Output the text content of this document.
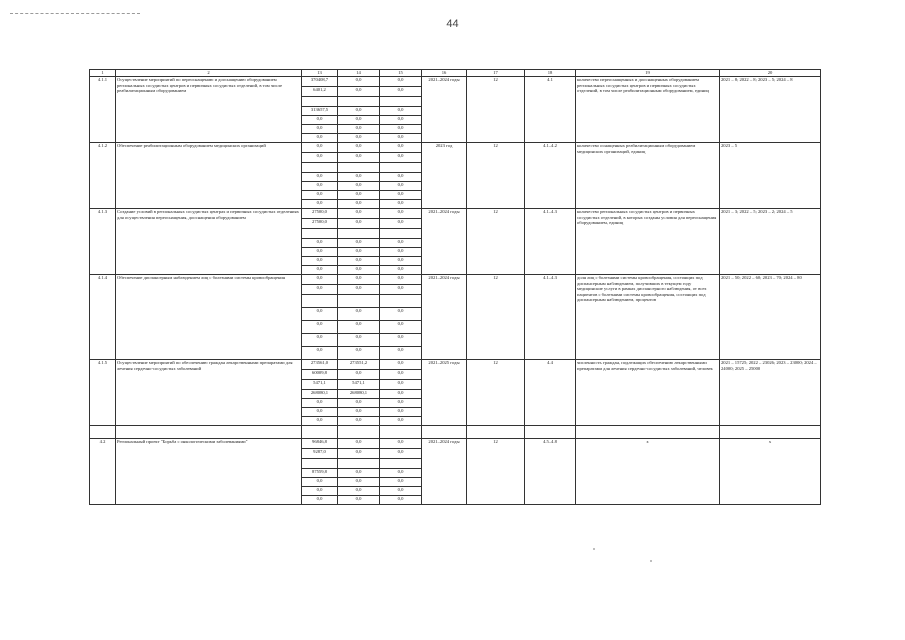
44
1	2	13	14	15	16	17	18	19	20
4.1.1	Осуществление мероприятий по переоснащению и дооснащению оборудованием региональных сосудистых центров и первичных сосудистых отделений, в том числе реабилитационным оборудованием	370408,7	0,0	0,0	2021–2024 годы	12	4.1	количество переоснащенных и дооснащенных оборудованием региональных сосудистых центров и первичных сосудистых отделений, в том числе реабилитационным оборудованием, единиц	2021 – 8; 2022 – 8; 2023 – 5; 2024 – 8
		6401,2	0,0	0,0					

		313657,5	0,0	0,0					
		0,0	0,0	0,0					
		0,0	0,0	0,0					
		0,0	0,0	0,0					
4.1.2	Обеспечение реабилитационным оборудованием медицинских организаций	0,0	0,0	0,0	2023 год	12	4.1–4.2	количество оснащенных реабилитационным оборудованием медицинских организаций, единиц	2023 – 5
		0,0	0,0	0,0					

		0,0	0,0	0,0					
		0,0	0,0	0,0					
		0,0	0,0	0,0					
		0,0	0,0	0,0					
4.1.3	Создание условий в региональных сосудистых центрах и первичных сосудистых отделениях для осуществления переоснащения, дооснащения оборудованием	27500,0	0,0	0,0	2021–2024 годы	12	4.1–4.3	количество региональных сосудистых центров и первичных сосудистых отделений, в которых созданы условия для переоснащения оборудованием, единиц	2021 – 3; 2022 – 5; 2023 – 2; 2024 – 5
		27500,0	0,0	0,0					

		0,0	0,0	0,0					
		0,0	0,0	0,0					
		0,0	0,0	0,0					
		0,0	0,0	0,0					
4.1.4	Обеспечение диспансерным наблюдением лиц с болезнями системы кровообращения	0,0	0,0	0,0	2021–2024 годы	12	4.1–4.3	доля лиц с болезнями системы кровообращения, состоящих под диспансерным наблюдением, получивших в текущем году медицинские услуги в рамках диспансерного наблюдения, от всех пациентов с болезнями системы кровообращения, состоящих под диспансерным наблюдением, процентов	2021 – 50; 2022 – 60; 2023 – 70; 2024 – 80
		0,0	0,0	0,0					

		0,0	0,0	0,0					
		0,0	0,0	0,0					
		0,0	0,0	0,0					
		0,0	0,0	0,0					
4.1.5	Осуществление мероприятий по обеспечению граждан лекарственными препаратами для лечения сердечно-сосудистых заболеваний	273561,0	273551,2	0,0	2021–2025 годы	12	4.4	численность граждан, подлежащих обеспечению лекарственными препаратами для лечения сердечно-сосудистых заболеваний, человек	2021 – 15725; 2022 – 23026; 2023 – 23000; 2024 – 24000; 2025 – 25000
		60009,8	0,0	0,0					
		5471,1	5471,1	0,0					
		268080,1	268080,1	0,0					
		0,0	0,0	0,0					
		0,0	0,0	0,0					
		0,0	0,0	0,0					

4.2	Региональный проект "Борьба с онкологическими заболеваниями"	96846,8	0,0	0,0	2021–2024 годы	12	4.5–4.8	x	x
		9287,0	0,0	0,0					

		87559,8	0,0	0,0					
		0,0	0,0	0,0					
		0,0	0,0	0,0					
		0,0	0,0	0,0					
